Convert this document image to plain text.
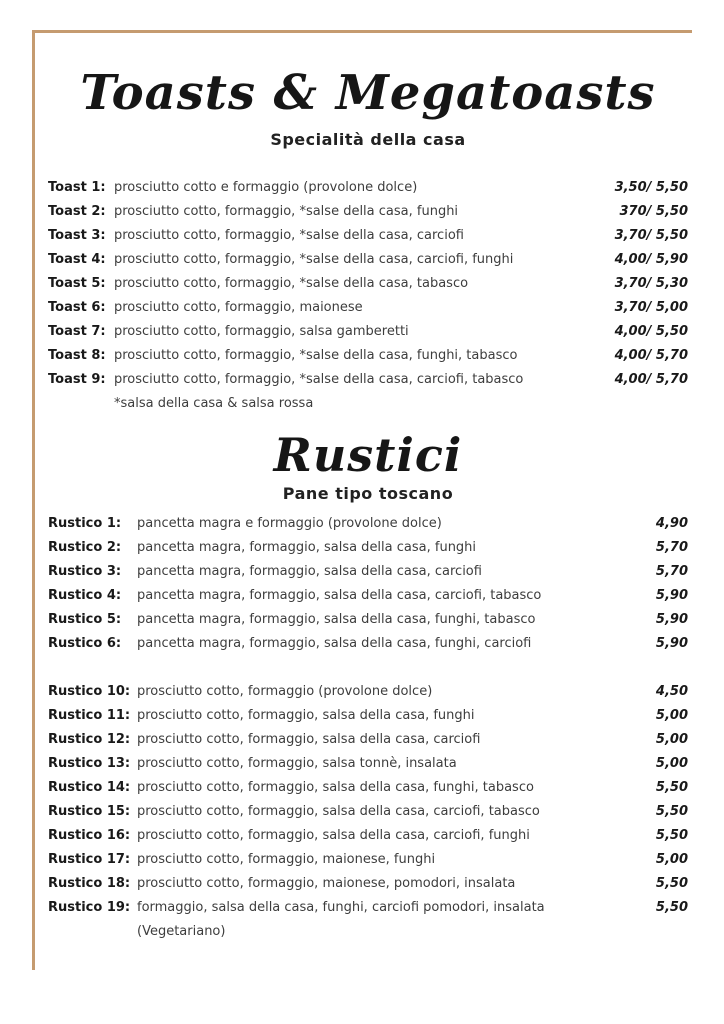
Toasts & Megatoasts
Specialità della casa
Toast 1: prosciutto cotto e formaggio (provolone dolce)	3,50/ 5,50
Toast 2: prosciutto cotto, formaggio, *salse della casa, funghi	370/ 5,50
Toast 3: prosciutto cotto, formaggio, *salse della casa, carciofi	3,70/ 5,50
Toast 4: prosciutto cotto, formaggio, *salse della casa, carciofi, funghi	4,00/ 5,90
Toast 5: prosciutto cotto, formaggio, *salse della casa, tabasco	3,70/ 5,30
Toast 6: prosciutto cotto, formaggio, maionese	3,70/ 5,00
Toast 7: prosciutto cotto, formaggio, salsa gamberetti	4,00/ 5,50
Toast 8: prosciutto cotto, formaggio, *salse della casa, funghi, tabasco	4,00/ 5,70
Toast 9: prosciutto cotto, formaggio, *salse della casa, carciofi, tabasco	4,00/ 5,70
*salsa della casa & salsa rossa
Rustici
Pane tipo toscano
Rustico 1:	pancetta magra e formaggio (provolone dolce)	4,90
Rustico 2:	pancetta magra, formaggio, salsa della casa, funghi	5,70
Rustico 3:	pancetta magra, formaggio, salsa della casa, carciofi	5,70
Rustico 4:	pancetta magra, formaggio, salsa della casa, carciofi, tabasco	5,90
Rustico 5:	pancetta magra, formaggio, salsa della casa, funghi, tabasco	5,90
Rustico 6:	pancetta magra, formaggio, salsa della casa, funghi, carciofi	5,90
Rustico 10: prosciutto cotto, formaggio (provolone dolce)	4,50
Rustico 11: prosciutto cotto, formaggio, salsa della casa, funghi	5,00
Rustico 12: prosciutto cotto, formaggio, salsa della casa, carciofi	5,00
Rustico 13: prosciutto cotto, formaggio, salsa tonnè, insalata	5,00
Rustico 14: prosciutto cotto, formaggio, salsa della casa, funghi, tabasco	5,50
Rustico 15: prosciutto cotto, formaggio, salsa della casa, carciofi, tabasco	5,50
Rustico 16: prosciutto cotto, formaggio, salsa della casa, carciofi, funghi	5,50
Rustico 17: prosciutto cotto, formaggio, maionese, funghi	5,00
Rustico 18: prosciutto cotto, formaggio, maionese, pomodori, insalata	5,50
Rustico 19: formaggio, salsa della casa, funghi, carciofi pomodori, insalata	5,50
(Vegetariano)
